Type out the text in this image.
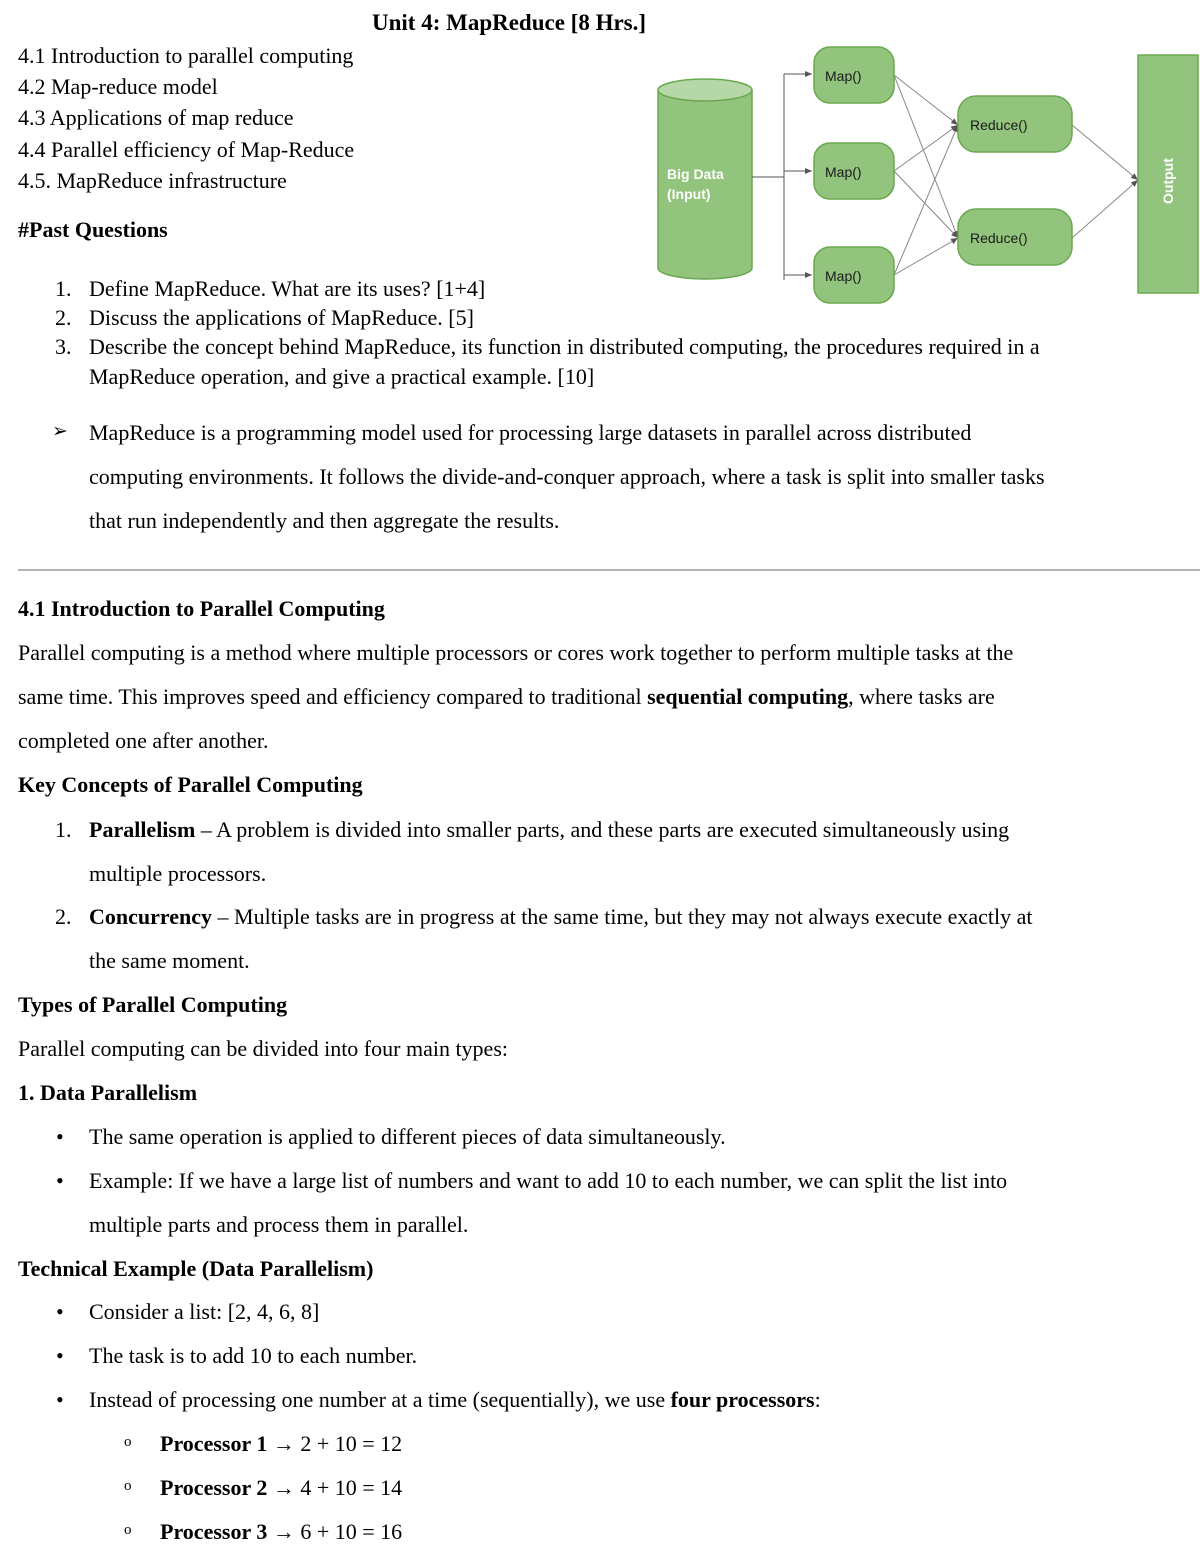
Unit 4: MapReduce [8 Hrs.]
4.1 Introduction to parallel computing
4.2 Map-reduce model
4.3 Applications of map reduce
4.4 Parallel efficiency of Map-Reduce
4.5. MapReduce infrastructure
#Past Questions
1. Define MapReduce. What are its uses? [1+4]
2. Discuss the applications of MapReduce. [5]
3. Describe the concept behind MapReduce, its function in distributed computing, the procedures required in a
MapReduce operation, and give a practical example. [10]
➢ MapReduce is a programming model used for processing large datasets in parallel across distributed
computing environments. It follows the divide-and-conquer approach, where a task is split into smaller tasks
that run independently and then aggregate the results.
Big Data
(Input)
Map()
Map()
Map()
Reduce()
Reduce()
Output
4.1 Introduction to Parallel Computing
Parallel computing is a method where multiple processors or cores work together to perform multiple tasks at the
same time. This improves speed and efficiency compared to traditional sequential computing, where tasks are
completed one after another.
Key Concepts of Parallel Computing
1. Parallelism – A problem is divided into smaller parts, and these parts are executed simultaneously using
multiple processors.
2. Concurrency – Multiple tasks are in progress at the same time, but they may not always execute exactly at
the same moment.
Types of Parallel Computing
Parallel computing can be divided into four main types:
1. Data Parallelism
• The same operation is applied to different pieces of data simultaneously.
• Example: If we have a large list of numbers and want to add 10 to each number, we can split the list into
multiple parts and process them in parallel.
Technical Example (Data Parallelism)
• Consider a list: [2, 4, 6, 8]
• The task is to add 10 to each number.
• Instead of processing one number at a time (sequentially), we use four processors:
o Processor 1 → 2 + 10 = 12
o Processor 2 → 4 + 10 = 14
o Processor 3 → 6 + 10 = 16
